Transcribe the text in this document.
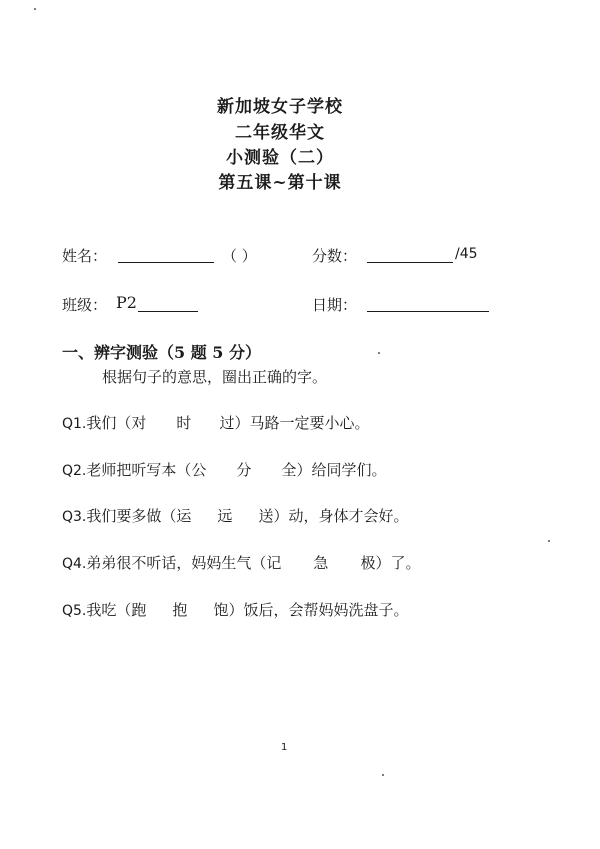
新加坡女子学校
二年级华文
小测验（二）
第五课~第十课
姓名：	（ ）	分数：	/45
班级： P2	日期：
一、辨字测验（5 题 5 分）
根据句子的意思，圈出正确的字。
Q1.我们（对 时 过）马路一定要小心。
Q2.老师把听写本（公 分 全）给同学们。
Q3.我们要多做（运 远 送）动，身体才会好。
Q4.弟弟很不听话，妈妈生气（记 急 极）了。
Q5.我吃（跑 抱 饱）饭后，会帮妈妈洗盘子。
1
